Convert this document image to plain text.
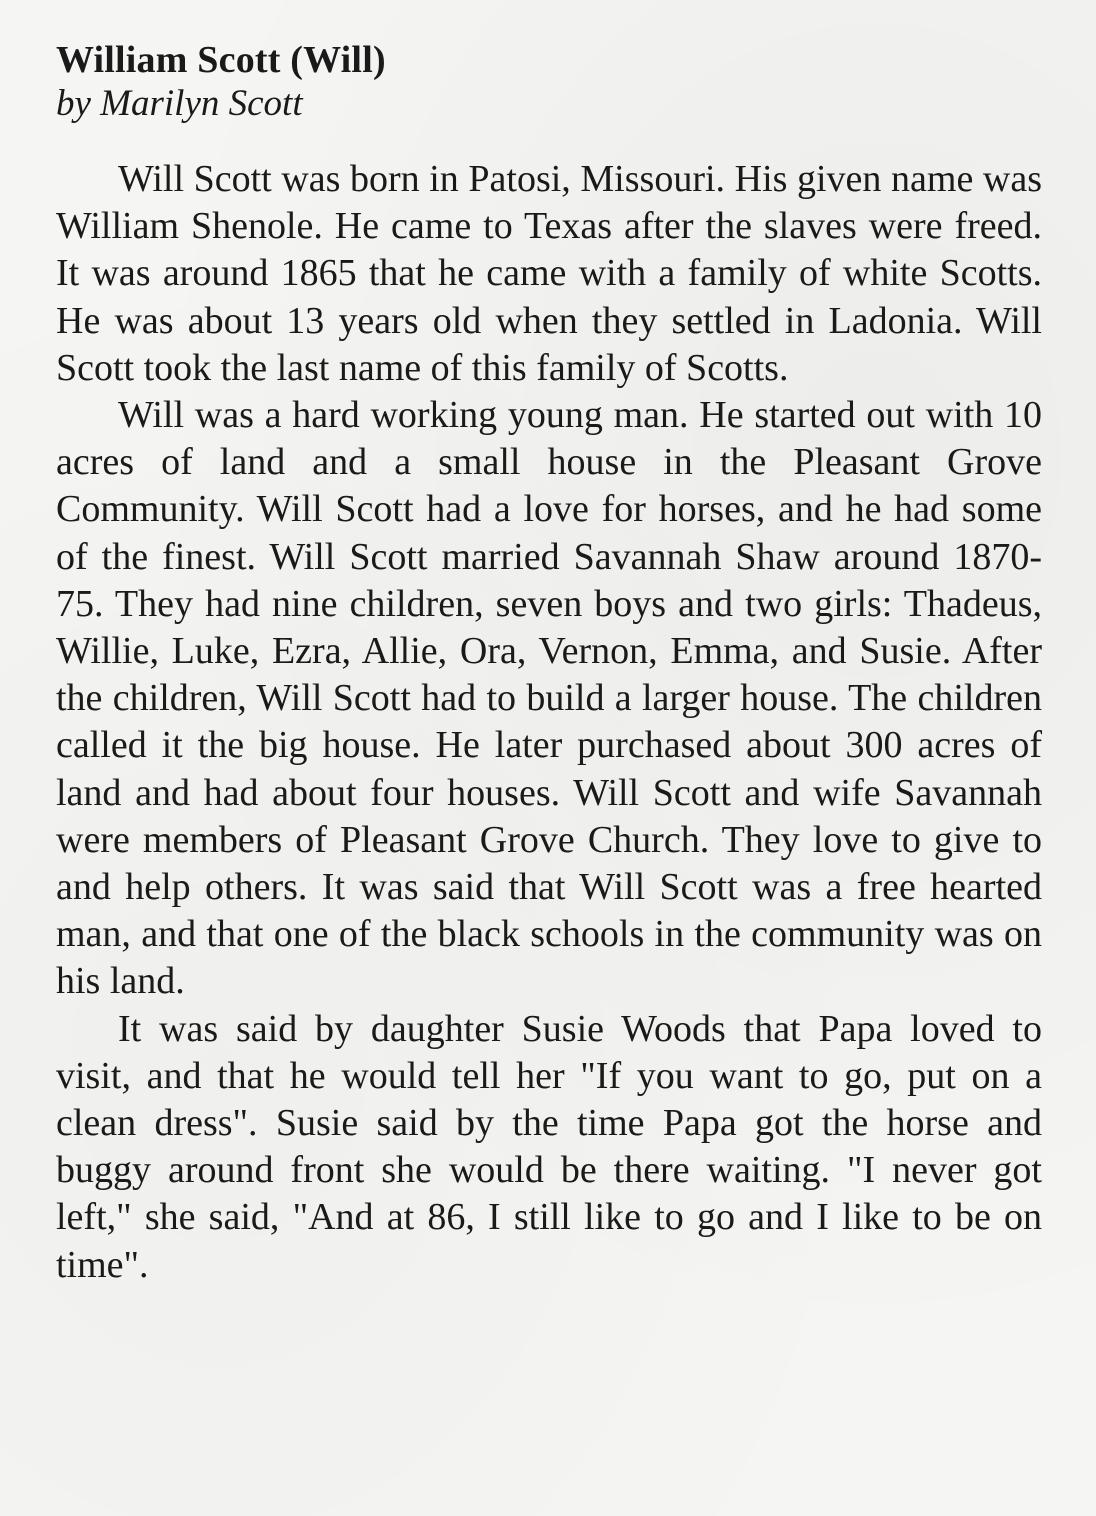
William Scott (Will)

by Marilyn Scott

Will Scott was born in Patosi, Missouri. His given name was William Shenole. He came to Texas after the slaves were freed. It was around 1865 that he came with a family of white Scotts. He was about 13 years old when they settled in Ladonia. Will Scott took the last name of this family of Scotts.

Will was a hard working young man. He started out with 10 acres of land and a small house in the Pleasant Grove Community. Will Scott had a love for horses, and he had some of the finest. Will Scott married Savannah Shaw around 1870-75. They had nine children, seven boys and two girls: Thadeus, Willie, Luke, Ezra, Allie, Ora, Vernon, Emma, and Susie. After the children, Will Scott had to build a larger house. The children called it the big house. He later purchased about 300 acres of land and had about four houses. Will Scott and wife Savannah were members of Pleasant Grove Church. They love to give to and help others. It was said that Will Scott was a free hearted man, and that one of the black schools in the community was on his land.

It was said by daughter Susie Woods that Papa loved to visit, and that he would tell her "If you want to go, put on a clean dress". Susie said by the time Papa got the horse and buggy around front she would be there waiting. "I never got left," she said, "And at 86, I still like to go and I like to be on time".
